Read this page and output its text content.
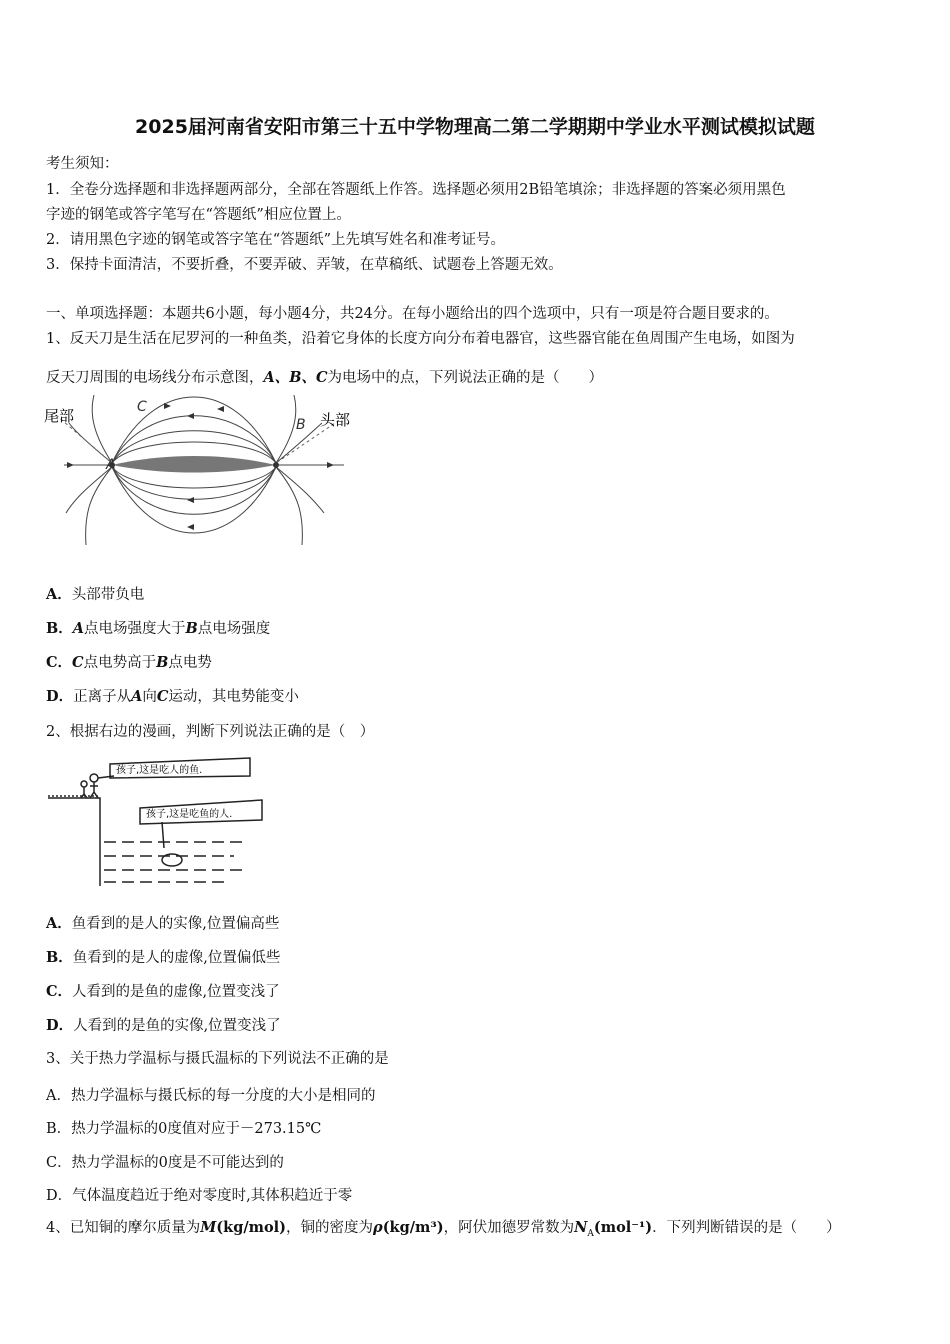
2025届河南省安阳市第三十五中学物理高二第二学期期中学业水平测试模拟试题
考生须知：
1．全卷分选择题和非选择题两部分，全部在答题纸上作答。选择题必须用2B铅笔填涂；非选择题的答案必须用黑色
字迹的钢笔或答字笔写在“答题纸”相应位置上。
2．请用黑色字迹的钢笔或答字笔在“答题纸”上先填写姓名和准考证号。
3．保持卡面清洁，不要折叠，不要弄破、弄皱，在草稿纸、试题卷上答题无效。
一、单项选择题：本题共6小题，每小题4分，共24分。在每小题给出的四个选项中，只有一项是符合题目要求的。
1、反天刀是生活在尼罗河的一种鱼类，沿着它身体的长度方向分布着电器官，这些器官能在鱼周围产生电场，如图为
反天刀周围的电场线分布示意图，A、B、C为电场中的点，下列说法正确的是（　　）
尾部	头部
A
B
C
A．头部带负电
B．A点电场强度大于B点电场强度
C．C点电势高于B点电势
D．正离子从A向C运动，其电势能变小
2、根据右边的漫画，判断下列说法正确的是（　）
孩子,这是吃人的鱼.
孩子,这是吃鱼的人.
A．鱼看到的是人的实像,位置偏高些
B．鱼看到的是人的虚像,位置偏低些
C．人看到的是鱼的虚像,位置变浅了
D．人看到的是鱼的实像,位置变浅了
3、关于热力学温标与摄氏温标的下列说法不正确的是
A．热力学温标与摄氏标的每一分度的大小是相同的
B．热力学温标的0度值对应于－273.15℃
C．热力学温标的0度是不可能达到的
D．气体温度趋近于绝对零度时,其体积趋近于零
4、已知铜的摩尔质量为M(kg/mol)，铜的密度为ρ(kg/m³)，阿伏加德罗常数为$N_A(mol^{-1})$．下列判断错误的是（　　）
